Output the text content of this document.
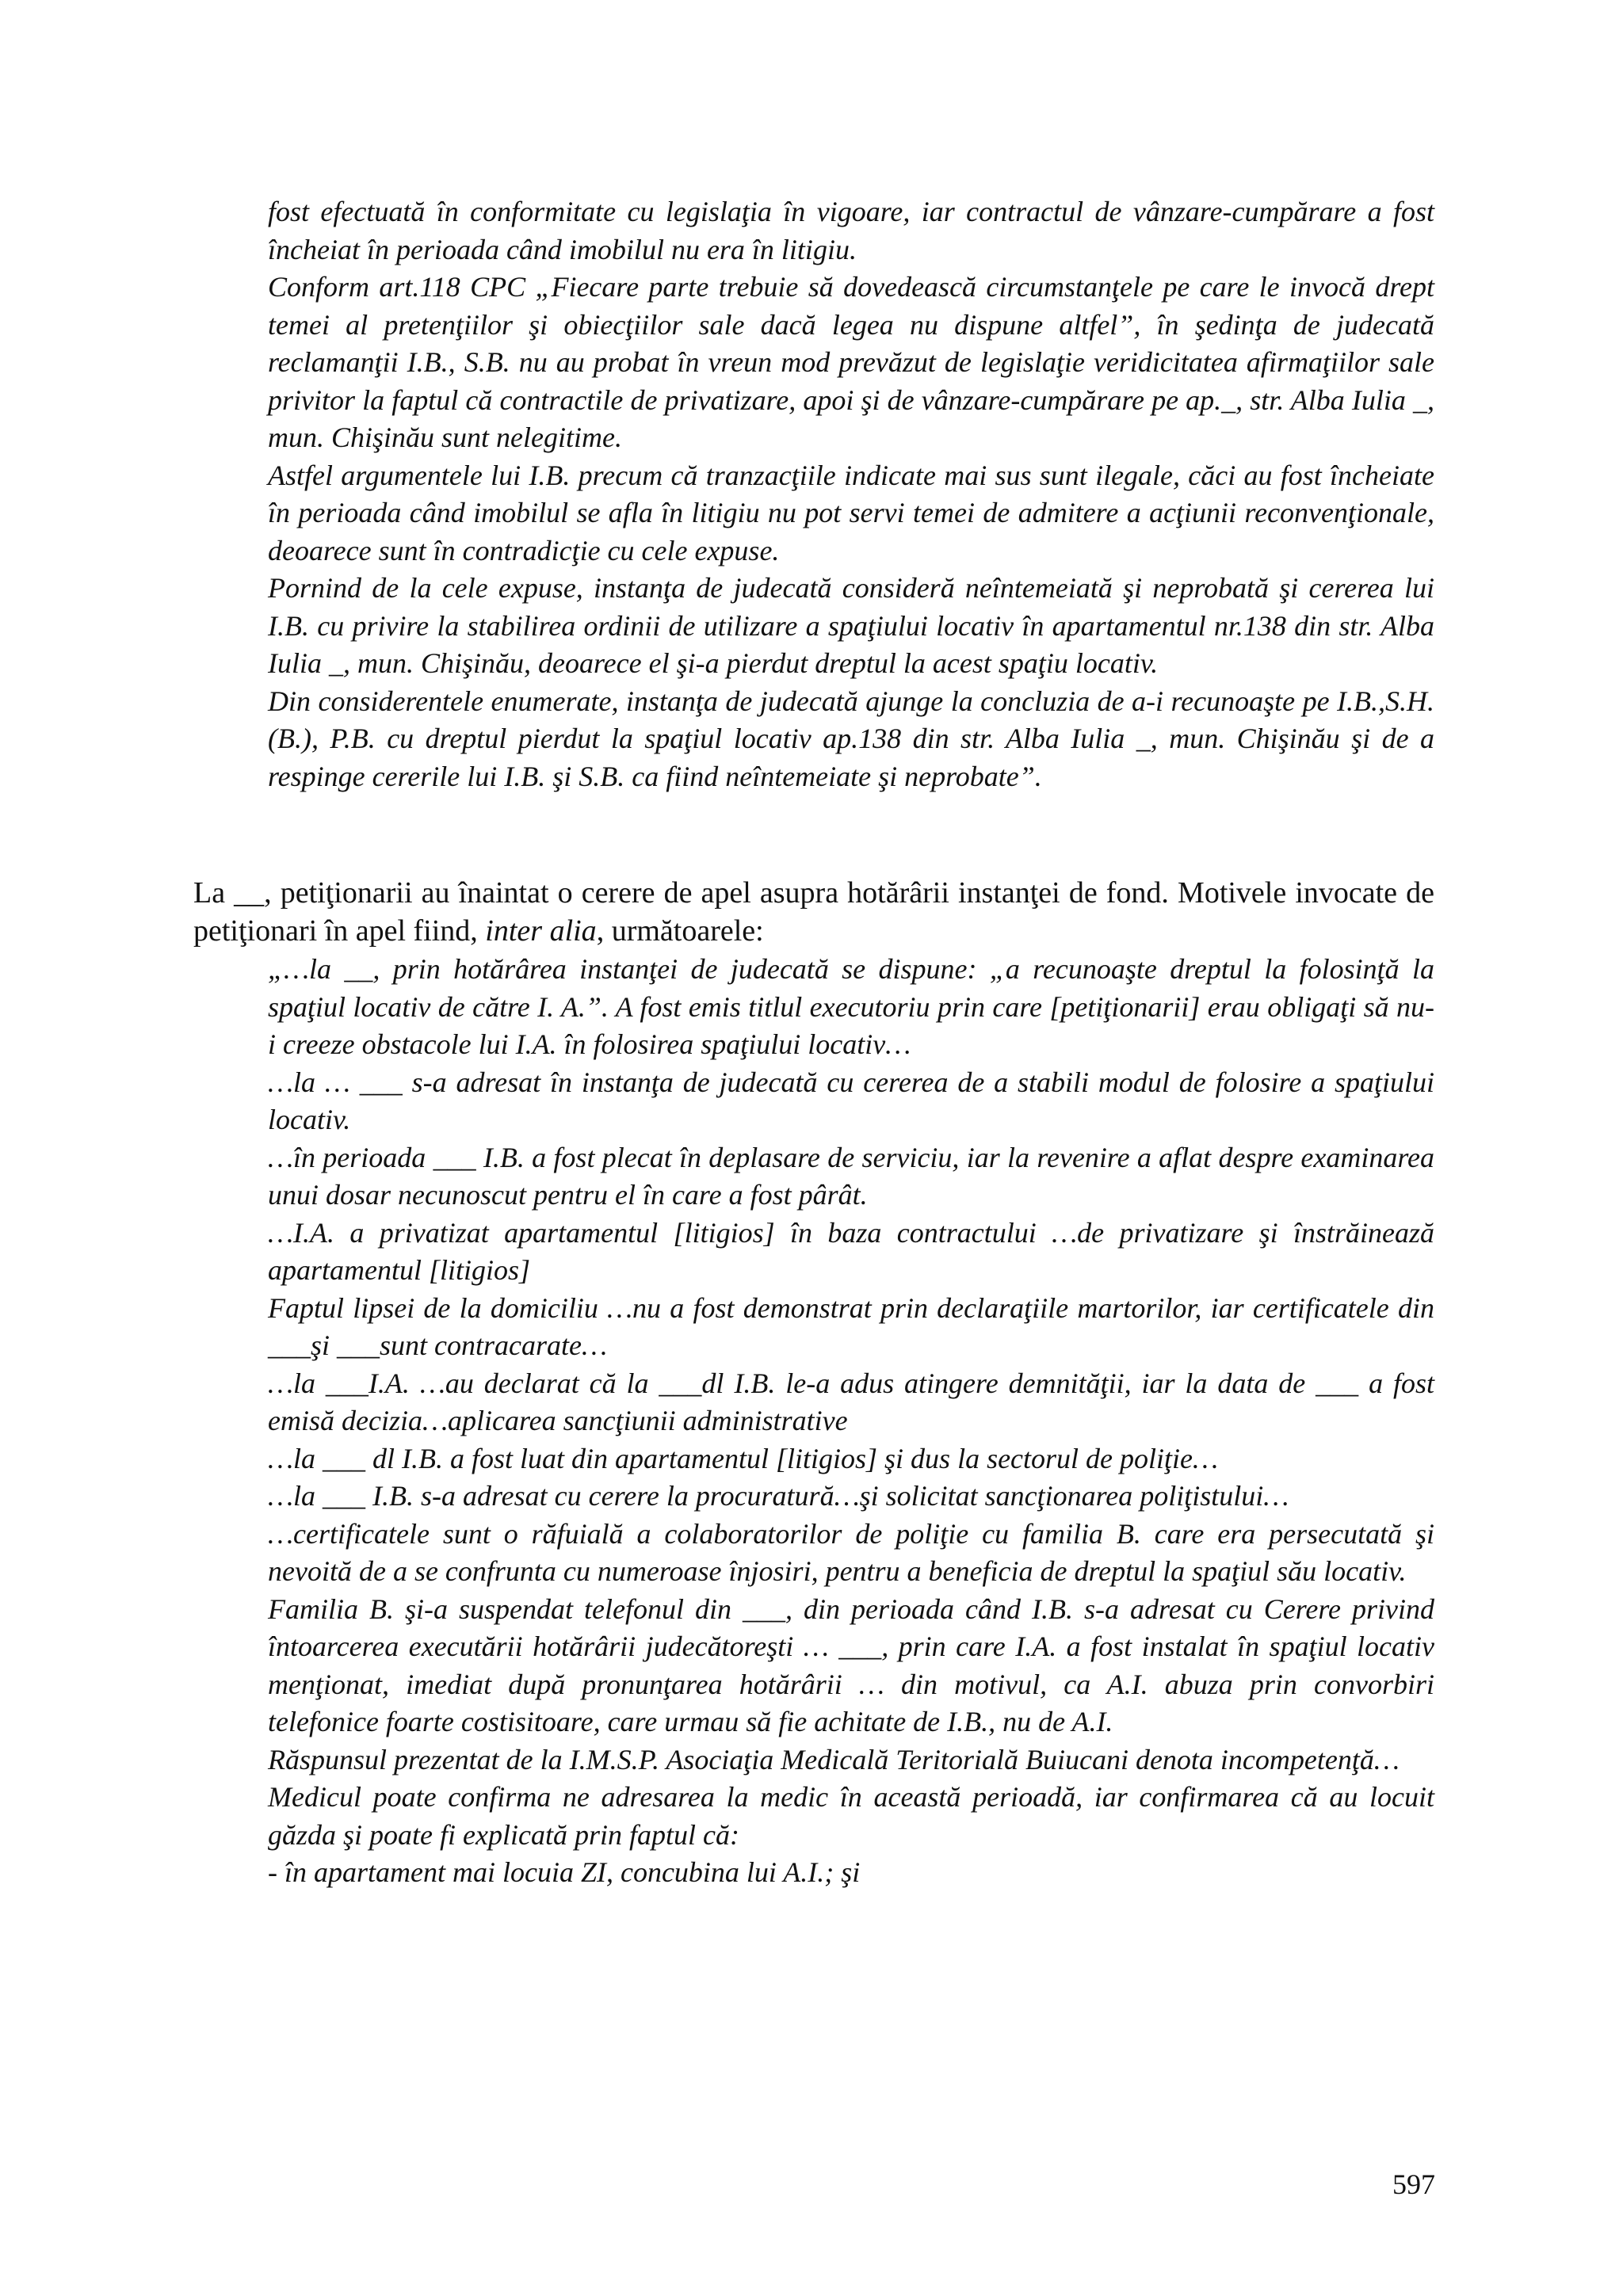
fost efectuată în conformitate cu legislaţia în vigoare, iar contractul de vânzare-cumpărare a fost încheiat în perioada când imobilul nu era în litigiu.

Conform art.118 CPC „Fiecare parte trebuie să dovedească circumstanţele pe care le invocă drept temei al pretenţiilor şi obiecţiilor sale dacă legea nu dispune altfel”, în şedinţa de judecată reclamanţii I.B., S.B. nu au probat în vreun mod prevăzut de legislaţie veridicitatea afirmaţiilor sale privitor la faptul că contractile de privatizare, apoi şi de vânzare-cumpărare pe ap._, str. Alba Iulia _, mun. Chişinău sunt nelegitime.

Astfel argumentele lui I.B. precum că tranzacţiile indicate mai sus sunt ilegale, căci au fost încheiate în perioada când imobilul se afla în litigiu nu pot servi temei de admitere a acţiunii reconvenţionale, deoarece sunt în contradicţie cu cele expuse.

Pornind de la cele expuse, instanţa de judecată consideră neîntemeiată şi neprobată şi cererea lui I.B. cu privire la stabilirea ordinii de utilizare a spaţiului locativ în apartamentul nr.138 din str. Alba Iulia _, mun. Chişinău, deoarece el şi-a pierdut dreptul la acest spaţiu locativ.

Din considerentele enumerate, instanţa de judecată ajunge la concluzia de a-i recunoaşte pe I.B.,S.H. (B.), P.B. cu dreptul pierdut la spaţiul locativ ap.138 din str. Alba Iulia _, mun. Chişinău şi de a respinge cererile lui I.B. şi S.B. ca fiind neîntemeiate şi neprobate”.

La __, petiţionarii au înaintat o cerere de apel asupra hotărârii instanţei de fond. Motivele invocate de petiţionari în apel fiind, inter alia, următoarele:

„…la __, prin hotărârea instanţei de judecată se dispune: „a recunoaşte dreptul la folosinţă la spaţiul locativ de către I. A.”. A fost emis titlul executoriu prin care [petiţionarii] erau obligaţi să nu-i creeze obstacole lui I.A. în folosirea spaţiului locativ…

…la … ___ s-a adresat în instanţa de judecată cu cererea de a stabili modul de folosire a spaţiului locativ.

…în perioada ___ I.B. a fost plecat în deplasare de serviciu, iar la revenire a aflat despre examinarea unui dosar necunoscut pentru el în care a fost pârât.

…I.A. a privatizat apartamentul [litigios] în baza contractului …de privatizare şi înstrăinează apartamentul [litigios]

Faptul lipsei de la domiciliu …nu a fost demonstrat prin declaraţiile martorilor, iar certificatele din ___şi ___sunt contracarate…

…la ___I.A. …au declarat că la ___dl I.B. le-a adus atingere demnităţii, iar la data de ___ a fost emisă decizia…aplicarea sancţiunii administrative

…la ___ dl I.B. a fost luat din apartamentul [litigios] şi dus la sectorul de poliţie…

…la ___ I.B. s-a adresat cu cerere la procuratură…şi solicitat sancţionarea poliţistului…

…certificatele sunt o răfuială a colaboratorilor de poliţie cu familia B. care era persecutată şi nevoită de a se confrunta cu numeroase înjosiri, pentru a beneficia de dreptul la spaţiul său locativ.

Familia B. şi-a suspendat telefonul din ___, din perioada când I.B. s-a adresat cu Cerere privind întoarcerea executării hotărârii judecătoreşti … ___, prin care I.A. a fost instalat în spaţiul locativ menţionat, imediat după pronunţarea hotărârii … din motivul, ca A.I. abuza prin convorbiri telefonice foarte costisitoare, care urmau să fie achitate de I.B., nu de A.I.

Răspunsul prezentat de la I.M.S.P. Asociaţia Medicală Teritorială Buiucani denota incompetenţă…

Medicul poate confirma ne adresarea la medic în această perioadă, iar confirmarea că au locuit găzda şi poate fi explicată prin faptul că:

- în apartament mai locuia ZI, concubina lui A.I.; şi

597
